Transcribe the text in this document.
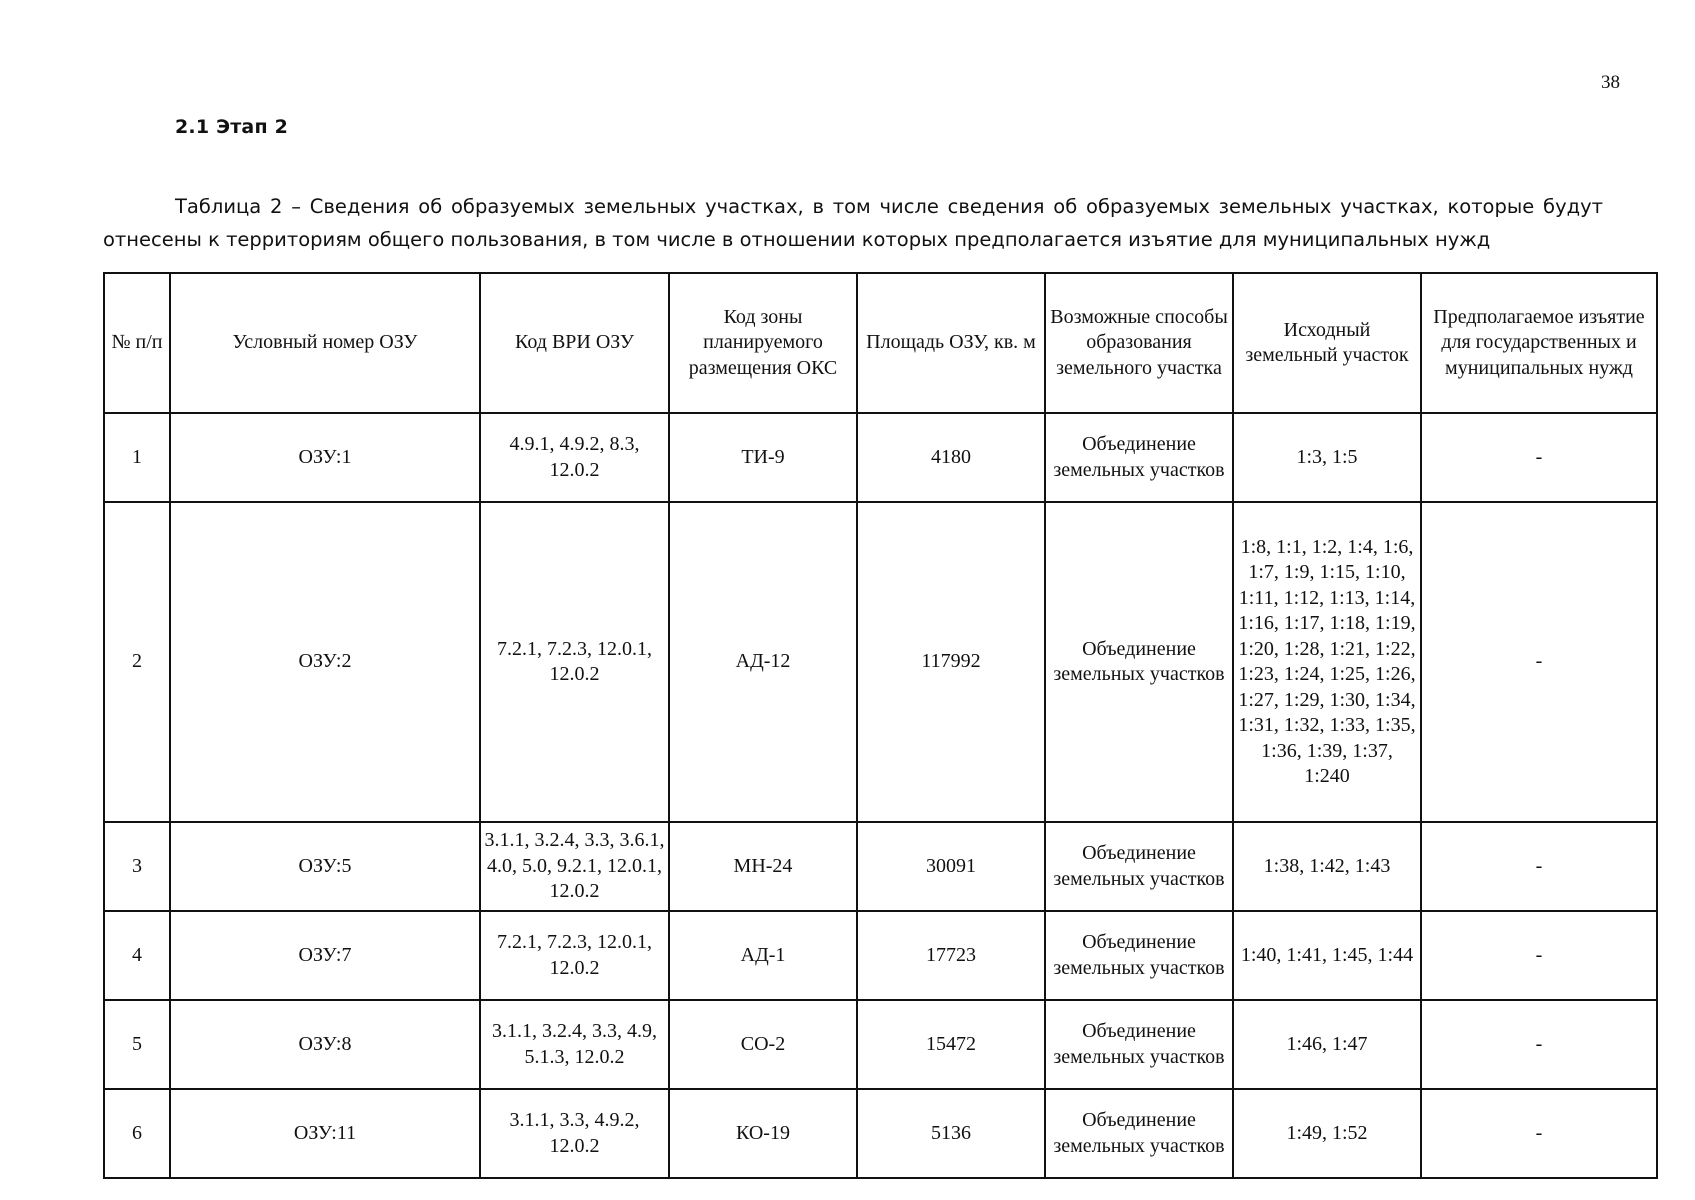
38
2.1 Этап 2
Таблица 2 – Сведения об образуемых земельных участках, в том числе сведения об образуемых земельных участках, которые будут отнесены к территориям общего пользования, в том числе в отношении которых предполагается изъятие для муниципальных нужд
№ п/п	Условный номер ОЗУ	Код ВРИ ОЗУ	Код зоны планируемого размещения ОКС	Площадь ОЗУ, кв. м	Возможные способы образования земельного участка	Исходный земельный участок	Предполагаемое изъятие для государственных и муниципальных нужд
1	ОЗУ:1	4.9.1, 4.9.2, 8.3, 12.0.2	ТИ-9	4180	Объединение земельных участков	1:3, 1:5	-
2	ОЗУ:2	7.2.1, 7.2.3, 12.0.1, 12.0.2	АД-12	117992	Объединение земельных участков	1:8, 1:1, 1:2, 1:4, 1:6, 1:7, 1:9, 1:15, 1:10, 1:11, 1:12, 1:13, 1:14, 1:16, 1:17, 1:18, 1:19, 1:20, 1:28, 1:21, 1:22, 1:23, 1:24, 1:25, 1:26, 1:27, 1:29, 1:30, 1:34, 1:31, 1:32, 1:33, 1:35, 1:36, 1:39, 1:37, 1:240	-
3	ОЗУ:5	3.1.1, 3.2.4, 3.3, 3.6.1, 4.0, 5.0, 9.2.1, 12.0.1, 12.0.2	МН-24	30091	Объединение земельных участков	1:38, 1:42, 1:43	-
4	ОЗУ:7	7.2.1, 7.2.3, 12.0.1, 12.0.2	АД-1	17723	Объединение земельных участков	1:40, 1:41, 1:45, 1:44	-
5	ОЗУ:8	3.1.1, 3.2.4, 3.3, 4.9, 5.1.3, 12.0.2	СО-2	15472	Объединение земельных участков	1:46, 1:47	-
6	ОЗУ:11	3.1.1, 3.3, 4.9.2, 12.0.2	КО-19	5136	Объединение земельных участков	1:49, 1:52	-
